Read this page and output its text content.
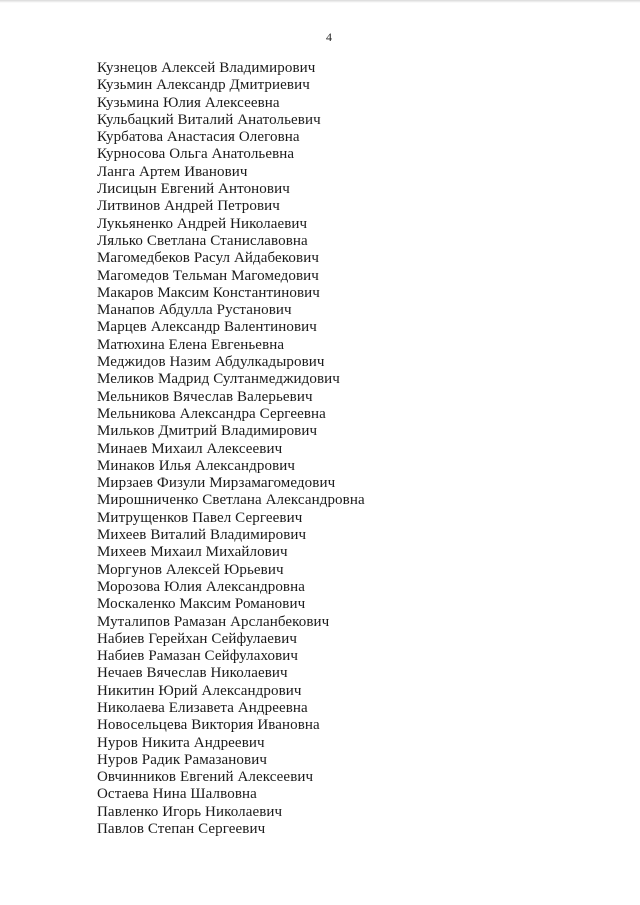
4
Кузнецов Алексей Владимирович
Кузьмин Александр Дмитриевич
Кузьмина Юлия Алексеевна
Кульбацкий Виталий Анатольевич
Курбатова Анастасия Олеговна
Курносова Ольга Анатольевна
Ланга Артем Иванович
Лисицын Евгений Антонович
Литвинов Андрей Петрович
Лукьяненко Андрей Николаевич
Лялько Светлана Станиславовна
Магомедбеков Расул Айдабекович
Магомедов Тельман Магомедович
Макаров Максим Константинович
Манапов Абдулла Рустанович
Марцев Александр Валентинович
Матюхина Елена Евгеньевна
Меджидов Назим Абдулкадырович
Меликов Мадрид Султанмеджидович
Мельников Вячеслав Валерьевич
Мельникова Александра Сергеевна
Мильков Дмитрий Владимирович
Минаев Михаил Алексеевич
Минаков Илья Александрович
Мирзаев Физули Мирзамагомедович
Мирошниченко Светлана Александровна
Митрущенков Павел Сергеевич
Михеев Виталий Владимирович
Михеев Михаил Михайлович
Моргунов Алексей Юрьевич
Морозова Юлия Александровна
Москаленко Максим Романович
Муталипов Рамазан Арсланбекович
Набиев Герейхан Сейфулаевич
Набиев Рамазан Сейфулахович
Нечаев Вячеслав Николаевич
Никитин Юрий Александрович
Николаева Елизавета Андреевна
Новосельцева Виктория Ивановна
Нуров Никита Андреевич
Нуров Радик Рамазанович
Овчинников Евгений Алексеевич
Остаева Нина Шалвовна
Павленко Игорь Николаевич
Павлов Степан Сергеевич
